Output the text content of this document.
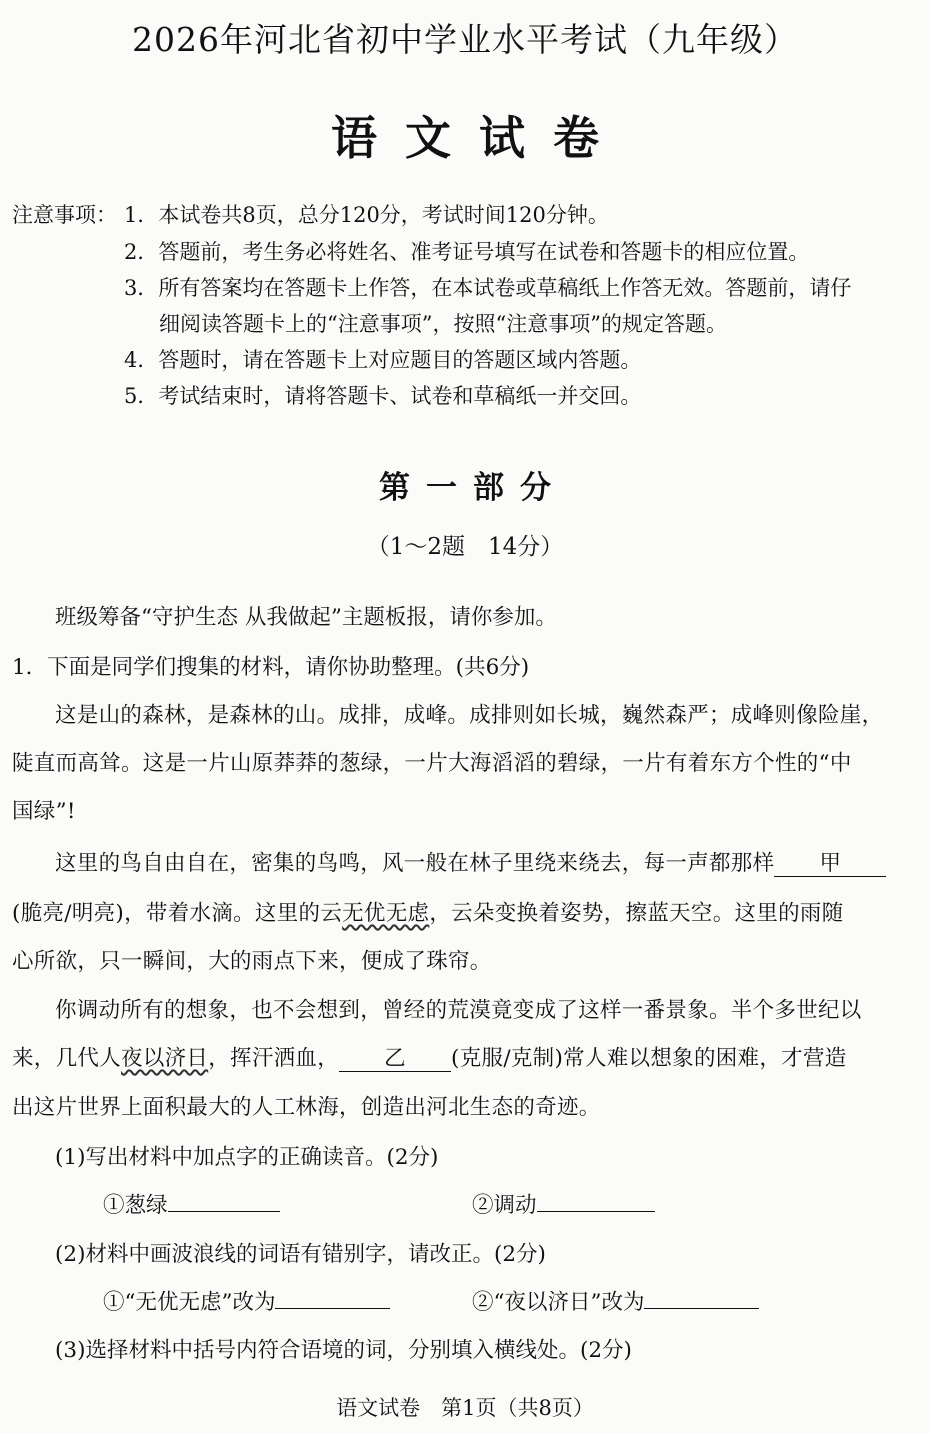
2026年河北省初中学业水平考试（九年级）
语文试卷
注意事项： 1．本试卷共8页，总分120分，考试时间120分钟。
2．答题前，考生务必将姓名、准考证号填写在试卷和答题卡的相应位置。
3．所有答案均在答题卡上作答，在本试卷或草稿纸上作答无效。答题前，请仔
细阅读答题卡上的“注意事项”，按照“注意事项”的规定答题。
4．答题时，请在答题卡上对应题目的答题区域内答题。
5．考试结束时，请将答题卡、试卷和草稿纸一并交回。
第一部分
（1～2题　14分）
班级筹备“守护生态 从我做起”主题板报，请你参加。
1．下面是同学们搜集的材料，请你协助整理。(共6分)
这是山的森林，是森林的山。成排，成峰。成排则如长城，巍然森严；成峰则像险崖，
陡直而高耸。这是一片山原莽莽的葱绿，一片大海滔滔的碧绿，一片有着东方个性的“中
国绿”!
这里的鸟自由自在，密集的鸟鸣，风一般在林子里绕来绕去，每一声都那样 甲
(脆亮/明亮)，带着水滴。这里的云无优无虑，云朵变换着姿势，擦蓝天空。这里的雨随
心所欲，只一瞬间，大的雨点下来，便成了珠帘。
你调动所有的想象，也不会想到，曾经的荒漠竟变成了这样一番景象。半个多世纪以
来，几代人夜以济日，挥汗洒血， 乙 (克服/克制)常人难以想象的困难，才营造
出这片世界上面积最大的人工林海，创造出河北生态的奇迹。
(1)写出材料中加点字的正确读音。(2分)
①葱绿	②调动
(2)材料中画波浪线的词语有错别字，请改正。(2分)
①“无优无虑”改为	②“夜以济日”改为
(3)选择材料中括号内符合语境的词，分别填入横线处。(2分)
语文试卷　第1页（共8页）
